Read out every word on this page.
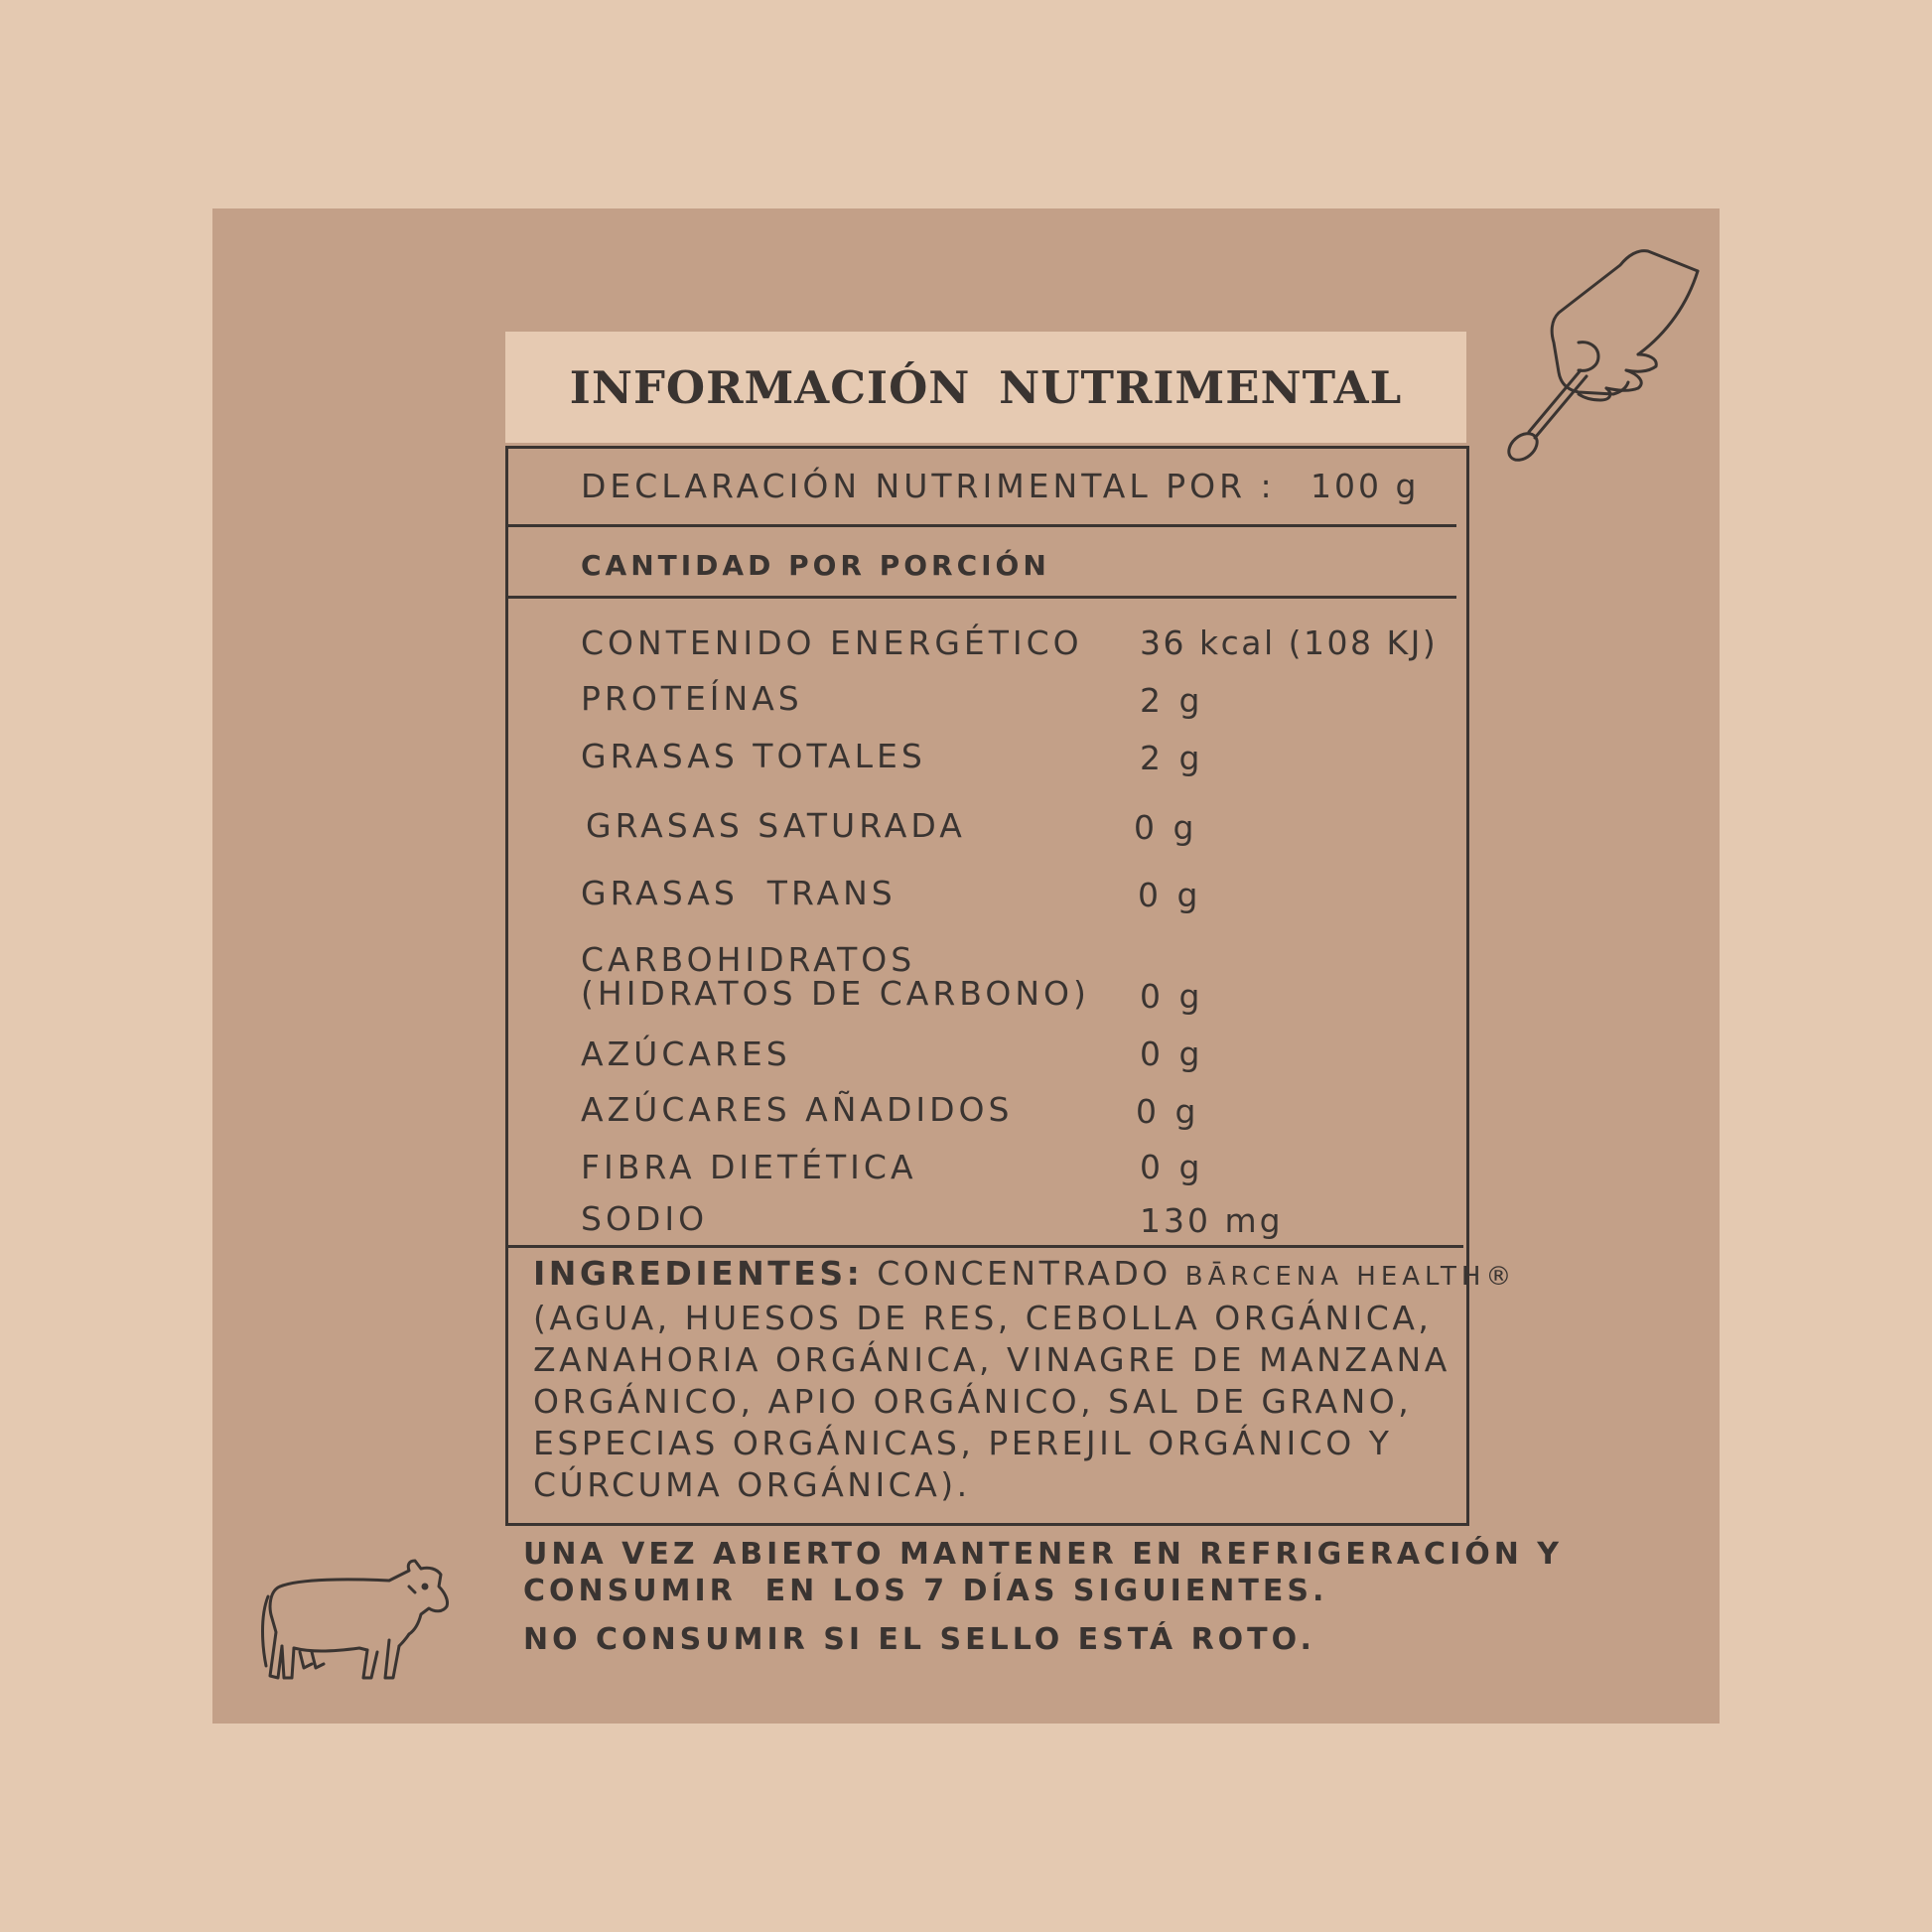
INFORMACIÓN NUTRIMENTAL
DECLARACIÓN NUTRIMENTAL POR : 100 g
CANTIDAD POR PORCIÓN
CONTENIDO ENERGÉTICO 36 kcal (108 KJ)
PROTEÍNAS	2 g
GRASAS TOTALES	2 g
GRASAS SATURADA	0 g
GRASAS  TRANS	0 g
CARBOHIDRATOS
(HIDRATOS DE CARBONO) 0 g
AZÚCARES	0 g
AZÚCARES AÑADIDOS	0 g
FIBRA DIETÉTICA	0 g
SODIO	130 mg
INGREDIENTES: CONCENTRADO BĀRCENA HEALTH®
(AGUA, HUESOS DE RES, CEBOLLA ORGÁNICA,
ZANAHORIA ORGÁNICA, VINAGRE DE MANZANA
ORGÁNICO, APIO ORGÁNICO, SAL DE GRANO,
ESPECIAS ORGÁNICAS, PEREJIL ORGÁNICO Y
CÚRCUMA ORGÁNICA).
UNA VEZ ABIERTO MANTENER EN REFRIGERACIÓN Y
CONSUMIR  EN LOS 7 DÍAS SIGUIENTES.
NO CONSUMIR SI EL SELLO ESTÁ ROTO.
